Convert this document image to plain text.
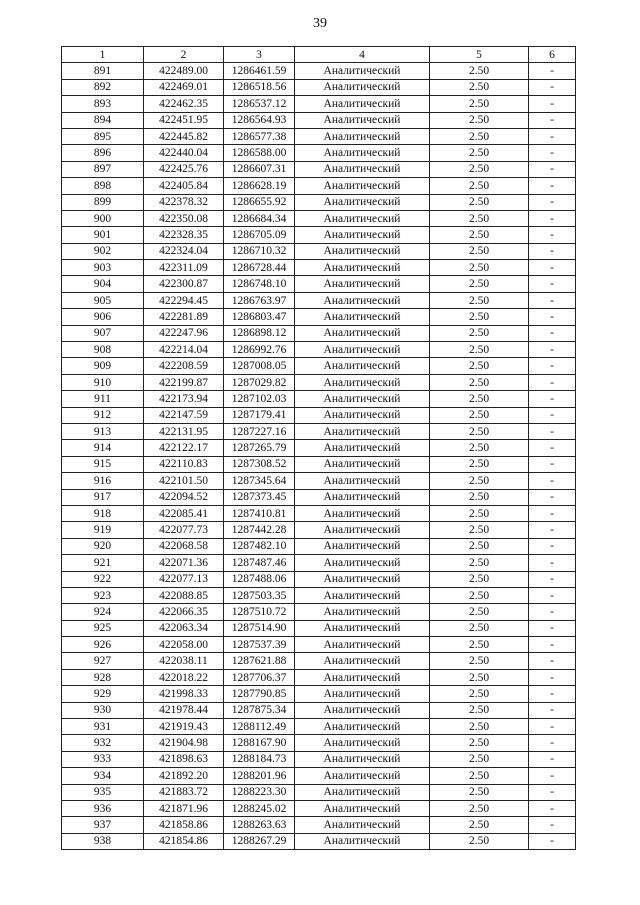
39
1	2	3	4	5	6
891	422489.00	1286461.59	Аналитический	2.50	-
892	422469.01	1286518.56	Аналитический	2.50	-
893	422462.35	1286537.12	Аналитический	2.50	-
894	422451.95	1286564.93	Аналитический	2.50	-
895	422445.82	1286577.38	Аналитический	2.50	-
896	422440.04	1286588.00	Аналитический	2.50	-
897	422425.76	1286607.31	Аналитический	2.50	-
898	422405.84	1286628.19	Аналитический	2.50	-
899	422378.32	1286655.92	Аналитический	2.50	-
900	422350.08	1286684.34	Аналитический	2.50	-
901	422328.35	1286705.09	Аналитический	2.50	-
902	422324.04	1286710.32	Аналитический	2.50	-
903	422311.09	1286728.44	Аналитический	2.50	-
904	422300.87	1286748.10	Аналитический	2.50	-
905	422294.45	1286763.97	Аналитический	2.50	-
906	422281.89	1286803.47	Аналитический	2.50	-
907	422247.96	1286898.12	Аналитический	2.50	-
908	422214.04	1286992.76	Аналитический	2.50	-
909	422208.59	1287008.05	Аналитический	2.50	-
910	422199.87	1287029.82	Аналитический	2.50	-
911	422173.94	1287102.03	Аналитический	2.50	-
912	422147.59	1287179.41	Аналитический	2.50	-
913	422131.95	1287227.16	Аналитический	2.50	-
914	422122.17	1287265.79	Аналитический	2.50	-
915	422110.83	1287308.52	Аналитический	2.50	-
916	422101.50	1287345.64	Аналитический	2.50	-
917	422094.52	1287373.45	Аналитический	2.50	-
918	422085.41	1287410.81	Аналитический	2.50	-
919	422077.73	1287442.28	Аналитический	2.50	-
920	422068.58	1287482.10	Аналитический	2.50	-
921	422071.36	1287487.46	Аналитический	2.50	-
922	422077.13	1287488.06	Аналитический	2.50	-
923	422088.85	1287503.35	Аналитический	2.50	-
924	422066.35	1287510.72	Аналитический	2.50	-
925	422063.34	1287514.90	Аналитический	2.50	-
926	422058.00	1287537.39	Аналитический	2.50	-
927	422038.11	1287621.88	Аналитический	2.50	-
928	422018.22	1287706.37	Аналитический	2.50	-
929	421998.33	1287790.85	Аналитический	2.50	-
930	421978.44	1287875.34	Аналитический	2.50	-
931	421919.43	1288112.49	Аналитический	2.50	-
932	421904.98	1288167.90	Аналитический	2.50	-
933	421898.63	1288184.73	Аналитический	2.50	-
934	421892.20	1288201.96	Аналитический	2.50	-
935	421883.72	1288223.30	Аналитический	2.50	-
936	421871.96	1288245.02	Аналитический	2.50	-
937	421858.86	1288263.63	Аналитический	2.50	-
938	421854.86	1288267.29	Аналитический	2.50	-
